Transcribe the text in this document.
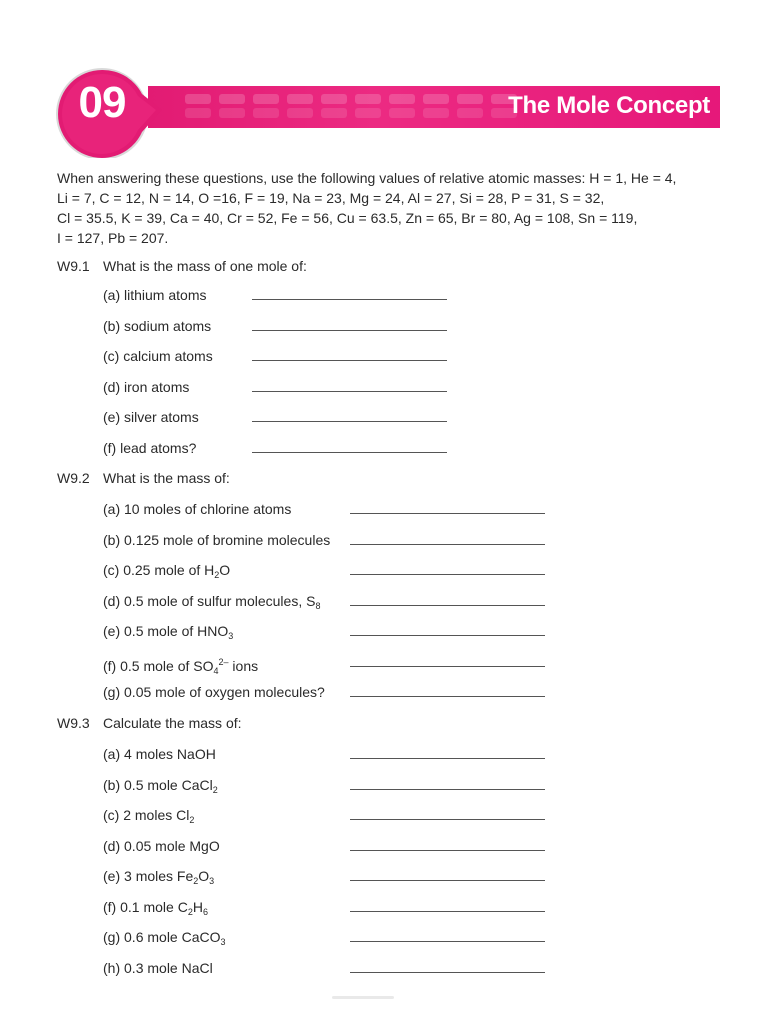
09	The Mole Concept
When answering these questions, use the following values of relative atomic masses: H = 1, He = 4,
Li = 7, C = 12, N = 14, O =16, F = 19, Na = 23, Mg = 24, Al = 27, Si = 28, P = 31, S = 32,
Cl = 35.5, K = 39, Ca = 40, Cr = 52, Fe = 56, Cu = 63.5, Zn = 65, Br = 80, Ag = 108, Sn = 119,
I = 127, Pb = 207.
W9.1 What is the mass of one mole of:
(a) lithium atoms
(b) sodium atoms
(c) calcium atoms
(d) iron atoms
(e) silver atoms
(f) lead atoms?
W9.2 What is the mass of:
(a) 10 moles of chlorine atoms
(b) 0.125 mole of bromine molecules
(c) 0.25 mole of $H_2O$
(d) 0.5 mole of sulfur molecules, $S_8$
(e) 0.5 mole of $HNO_3$
(f) 0.5 mole of $SO_4^{2-}$ ions
(g) 0.05 mole of oxygen molecules?
W9.3 Calculate the mass of:
(a) 4 moles NaOH
(b) 0.5 mole CaCl$_2$
(c) 2 moles $Cl_2$
(d) 0.05 mole MgO
(e) 3 moles $Fe_2O_3$
(f) 0.1 mole $C_2H_6$
(g) 0.6 mole CaCO$_3$
(h) 0.3 mole NaCl
